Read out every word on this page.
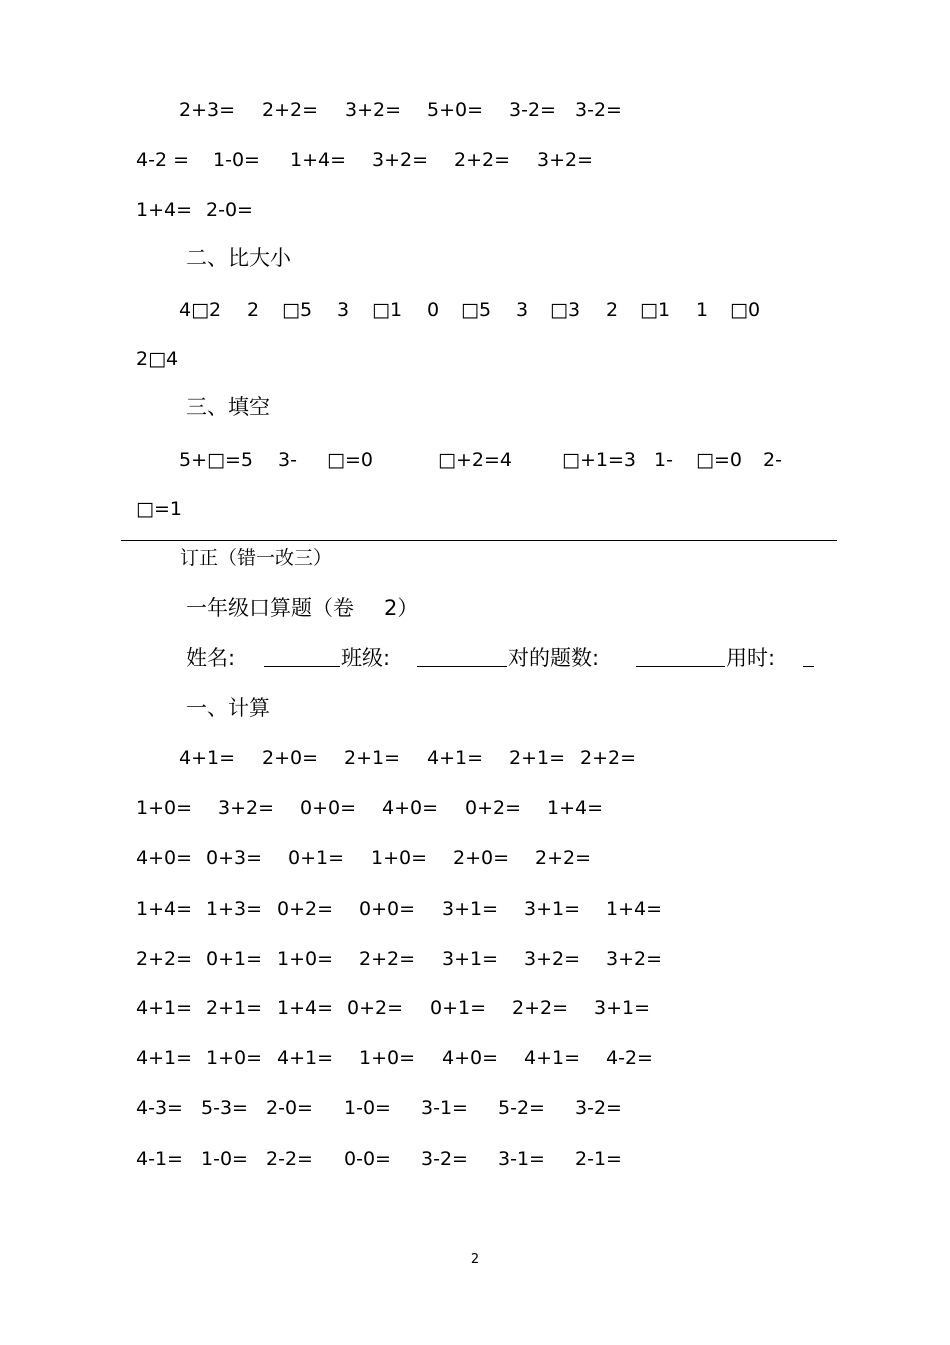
2+3= 2+2= 3+2= 5+0= 3-2= 3-2=
4-2 = 1-0= 1+4= 3+2= 2+2= 3+2=
1+4= 2-0=
二、比大小
4□2 2 □5 3 □1 0 □5 3 □3 2 □1 1 □0
2□4
三、填空
5+□=5 3- □=0	□+2=4	□+1=3 1- □=0 2-
□=1
订正（错一改三）
一年级口算题（卷 2）
姓名:	班级:	对的题数:	用时:
一、计算
4+1= 2+0= 2+1= 4+1= 2+1= 2+2=
1+0= 3+2= 0+0= 4+0= 0+2= 1+4=
4+0= 0+3= 0+1= 1+0= 2+0= 2+2=
1+4= 1+3= 0+2= 0+0= 3+1= 3+1= 1+4=
2+2= 0+1= 1+0= 2+2= 3+1= 3+2= 3+2=
4+1= 2+1= 1+4= 0+2= 0+1= 2+2= 3+1=
4+1= 1+0= 4+1= 1+0= 4+0= 4+1= 4-2=
4-3= 5-3= 2-0= 1-0= 3-1= 5-2= 3-2=
4-1= 1-0= 2-2= 0-0= 3-2= 3-1= 2-1=
2
